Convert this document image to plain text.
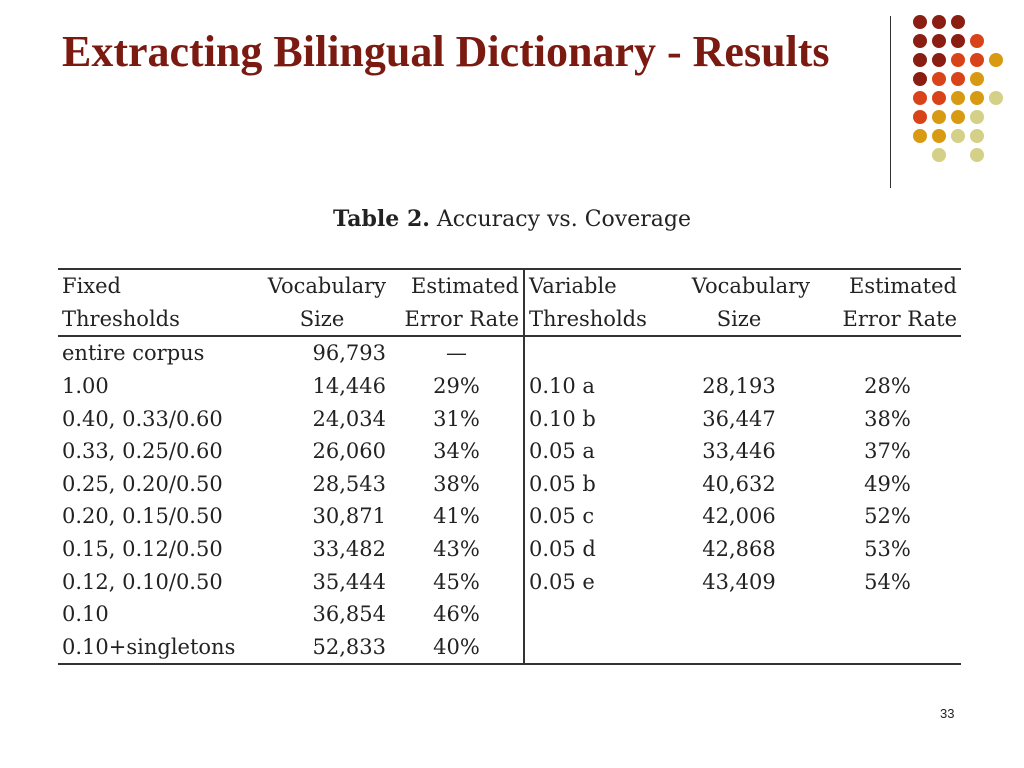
Extracting Bilingual Dictionary - Results
Table 2. Accuracy vs. Coverage
Fixed	Vocabulary	Estimated	Variable	Vocabulary	Estimated
Thresholds	Size	Error Rate	Thresholds	Size	Error Rate
entire corpus	96,793	—			
1.00	14,446	29%	0.10 a	28,193	28%
0.40, 0.33/0.60	24,034	31%	0.10 b	36,447	38%
0.33, 0.25/0.60	26,060	34%	0.05 a	33,446	37%
0.25, 0.20/0.50	28,543	38%	0.05 b	40,632	49%
0.20, 0.15/0.50	30,871	41%	0.05 c	42,006	52%
0.15, 0.12/0.50	33,482	43%	0.05 d	42,868	53%
0.12, 0.10/0.50	35,444	45%	0.05 e	43,409	54%
0.10	36,854	46%			
0.10+singletons	52,833	40%			
33
